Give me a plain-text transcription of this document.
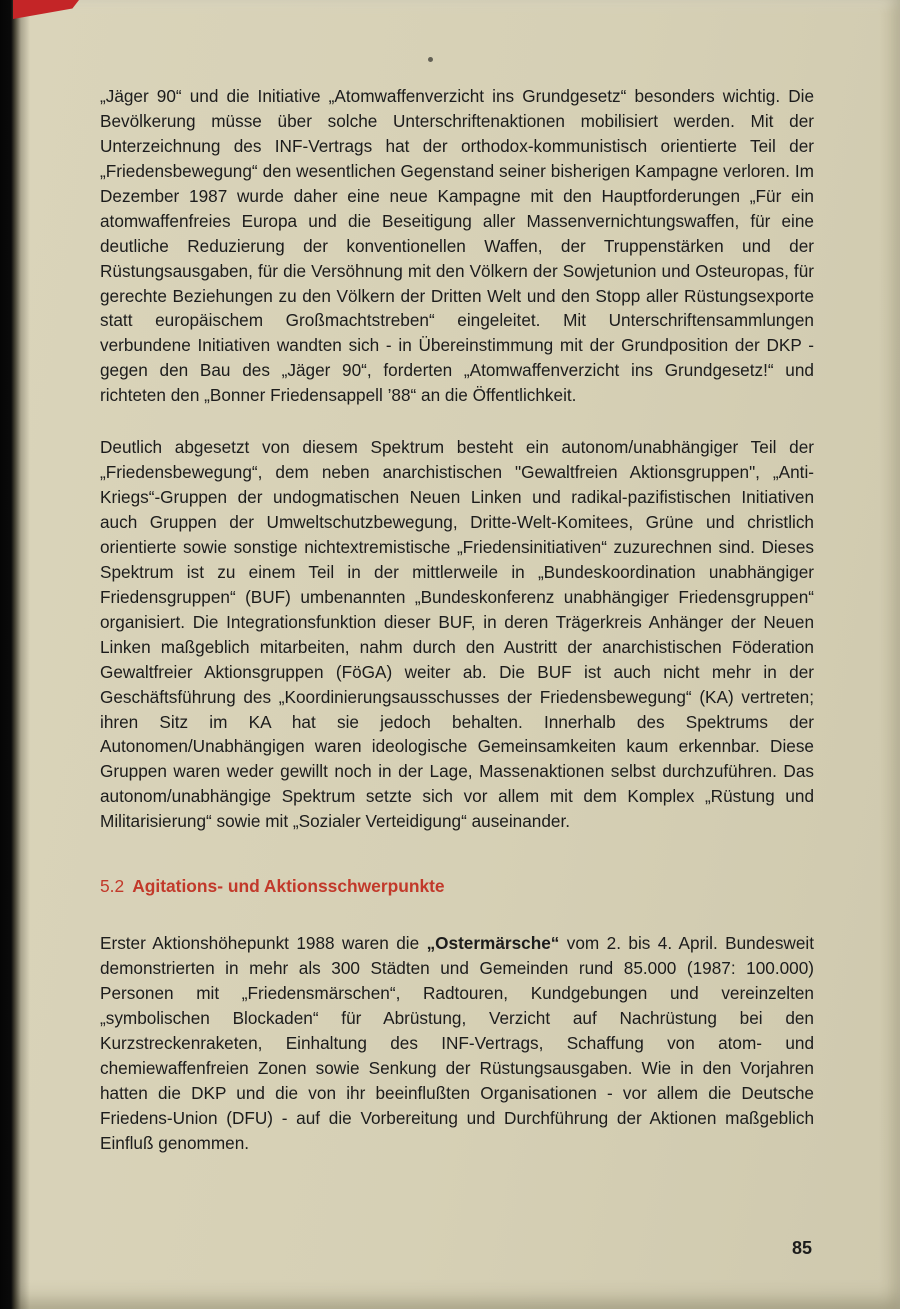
„Jäger 90“ und die Initiative „Atomwaffenverzicht ins Grundgesetz“ besonders wichtig. Die Bevölkerung müsse über solche Unterschriftenaktionen mobilisiert werden. Mit der Unterzeichnung des INF-Vertrags hat der orthodox-kommunistisch orientierte Teil der „Friedensbewegung“ den wesentlichen Gegenstand seiner bisherigen Kampagne verloren. Im Dezember 1987 wurde daher eine neue Kampagne mit den Hauptforderungen „Für ein atomwaffenfreies Europa und die Beseitigung aller Massenvernichtungswaffen, für eine deutliche Reduzierung der konventionellen Waffen, der Truppenstärken und der Rüstungsausgaben, für die Versöhnung mit den Völkern der Sowjetunion und Osteuropas, für gerechte Beziehungen zu den Völkern der Dritten Welt und den Stopp aller Rüstungsexporte statt europäischem Großmachtstreben“ eingeleitet. Mit Unterschriftensammlungen verbundene Initiativen wandten sich - in Übereinstimmung mit der Grundposition der DKP - gegen den Bau des „Jäger 90“, forderten „Atomwaffenverzicht ins Grundgesetz!“ und richteten den „Bonner Friedensappell ’88“ an die Öffentlichkeit.

Deutlich abgesetzt von diesem Spektrum besteht ein autonom/unabhängiger Teil der „Friedensbewegung“, dem neben anarchistischen "Gewaltfreien Aktionsgruppen", „Anti-Kriegs“-Gruppen der undogmatischen Neuen Linken und radikal-pazifistischen Initiativen auch Gruppen der Umweltschutzbewegung, Dritte-Welt-Komitees, Grüne und christlich orientierte sowie sonstige nichtextremistische „Friedensinitiativen“ zuzurechnen sind. Dieses Spektrum ist zu einem Teil in der mittlerweile in „Bundeskoordination unabhängiger Friedensgruppen“ (BUF) umbenannten „Bundeskonferenz unabhängiger Friedensgruppen“ organisiert. Die Integrationsfunktion dieser BUF, in deren Trägerkreis Anhänger der Neuen Linken maßgeblich mitarbeiten, nahm durch den Austritt der anarchistischen Föderation Gewaltfreier Aktionsgruppen (FöGA) weiter ab. Die BUF ist auch nicht mehr in der Geschäftsführung des „Koordinierungsausschusses der Friedensbewegung“ (KA) vertreten; ihren Sitz im KA hat sie jedoch behalten. Innerhalb des Spektrums der Autonomen/Unabhängigen waren ideologische Gemeinsamkeiten kaum erkennbar. Diese Gruppen waren weder gewillt noch in der Lage, Massenaktionen selbst durchzuführen. Das autonom/unabhängige Spektrum setzte sich vor allem mit dem Komplex „Rüstung und Militarisierung“ sowie mit „Sozialer Verteidigung“ auseinander.

5.2 Agitations- und Aktionsschwerpunkte

Erster Aktionshöhepunkt 1988 waren die „Ostermärsche“ vom 2. bis 4. April. Bundesweit demonstrierten in mehr als 300 Städten und Gemeinden rund 85.000 (1987: 100.000) Personen mit „Friedensmärschen“, Radtouren, Kundgebungen und vereinzelten „symbolischen Blockaden“ für Abrüstung, Verzicht auf Nachrüstung bei den Kurzstreckenraketen, Einhaltung des INF-Vertrags, Schaffung von atom- und chemiewaffenfreien Zonen sowie Senkung der Rüstungsausgaben. Wie in den Vorjahren hatten die DKP und die von ihr beeinflußten Organisationen - vor allem die Deutsche Friedens-Union (DFU) - auf die Vorbereitung und Durchführung der Aktionen maßgeblich Einfluß genommen.

85
